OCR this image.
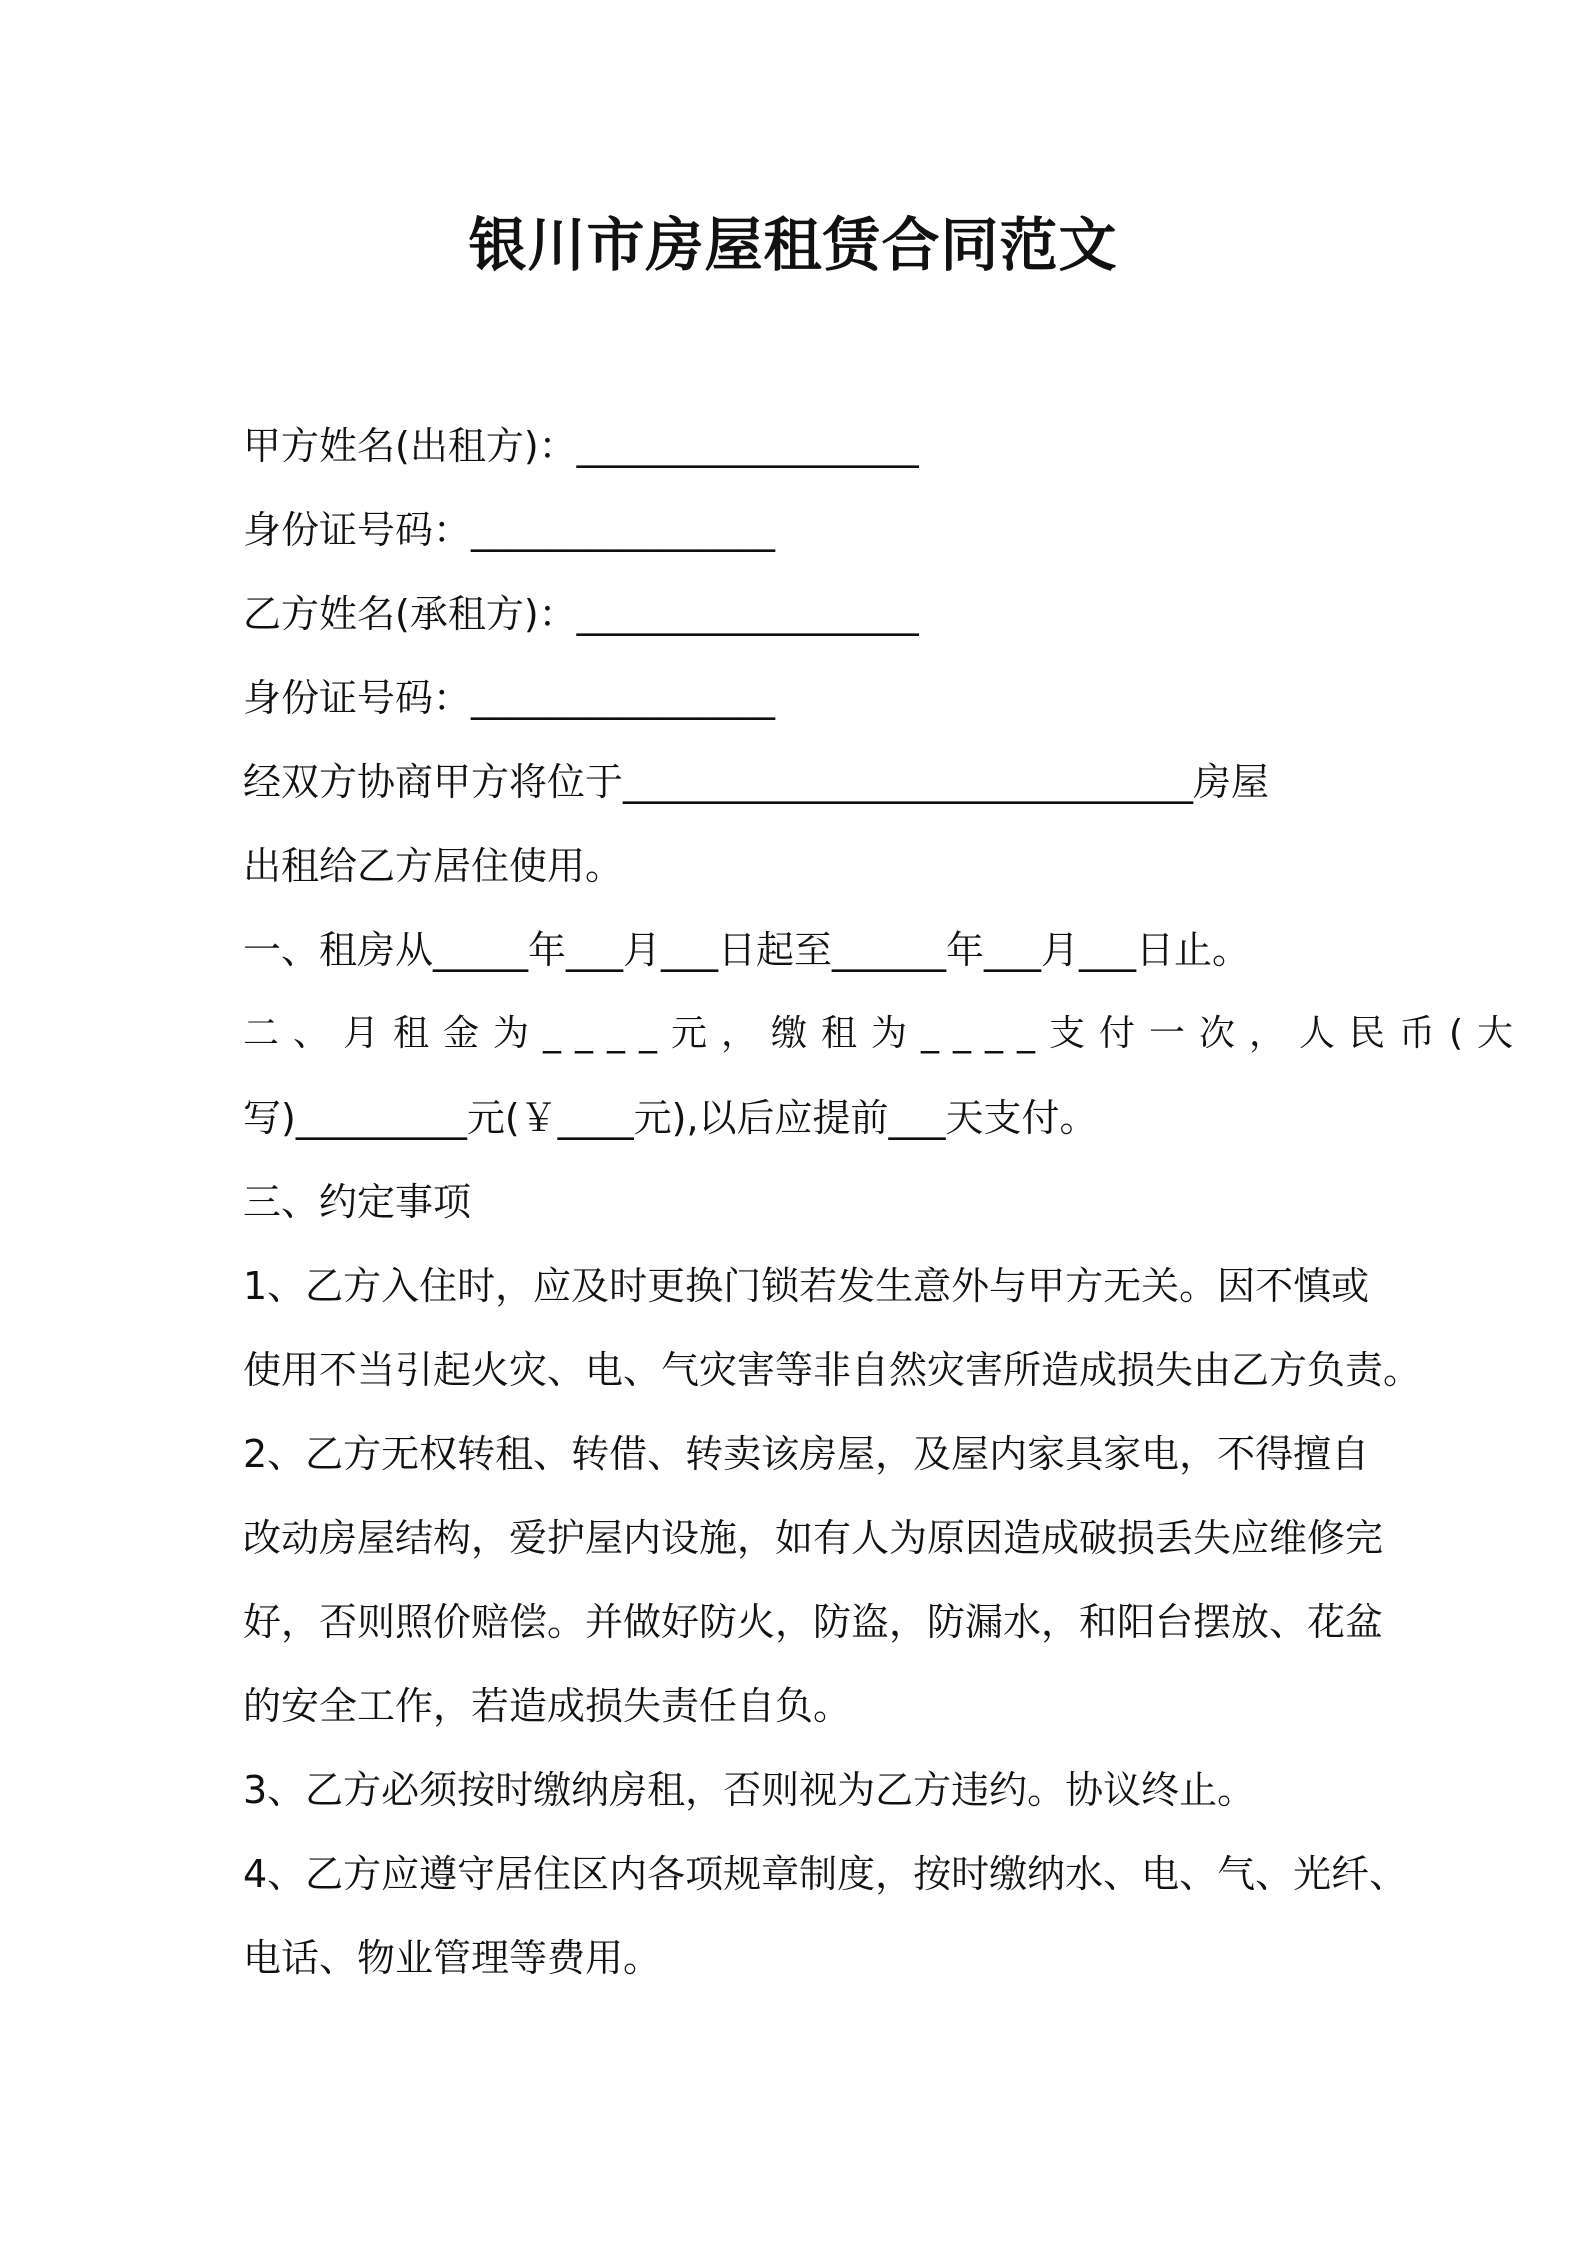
银川市房屋租赁合同范文
甲方姓名(出租方)：__________________
身份证号码：________________
乙方姓名(承租方)：__________________
身份证号码：________________
经双方协商甲方将位于______________________________房屋
出租给乙方居住使用。
一、租房从_____年___月___日起至______年___月___日止。
二、月租金为____元，缴租为____支付一次，人民币(大
写)_________元(￥____元),以后应提前___天支付。
三、约定事项
1、乙方入住时，应及时更换门锁若发生意外与甲方无关。因不慎或
使用不当引起火灾、电、气灾害等非自然灾害所造成损失由乙方负责。
2、乙方无权转租、转借、转卖该房屋，及屋内家具家电，不得擅自
改动房屋结构，爱护屋内设施，如有人为原因造成破损丢失应维修完
好，否则照价赔偿。并做好防火，防盗，防漏水，和阳台摆放、花盆
的安全工作，若造成损失责任自负。
3、乙方必须按时缴纳房租，否则视为乙方违约。协议终止。
4、乙方应遵守居住区内各项规章制度，按时缴纳水、电、气、光纤、
电话、物业管理等费用。
